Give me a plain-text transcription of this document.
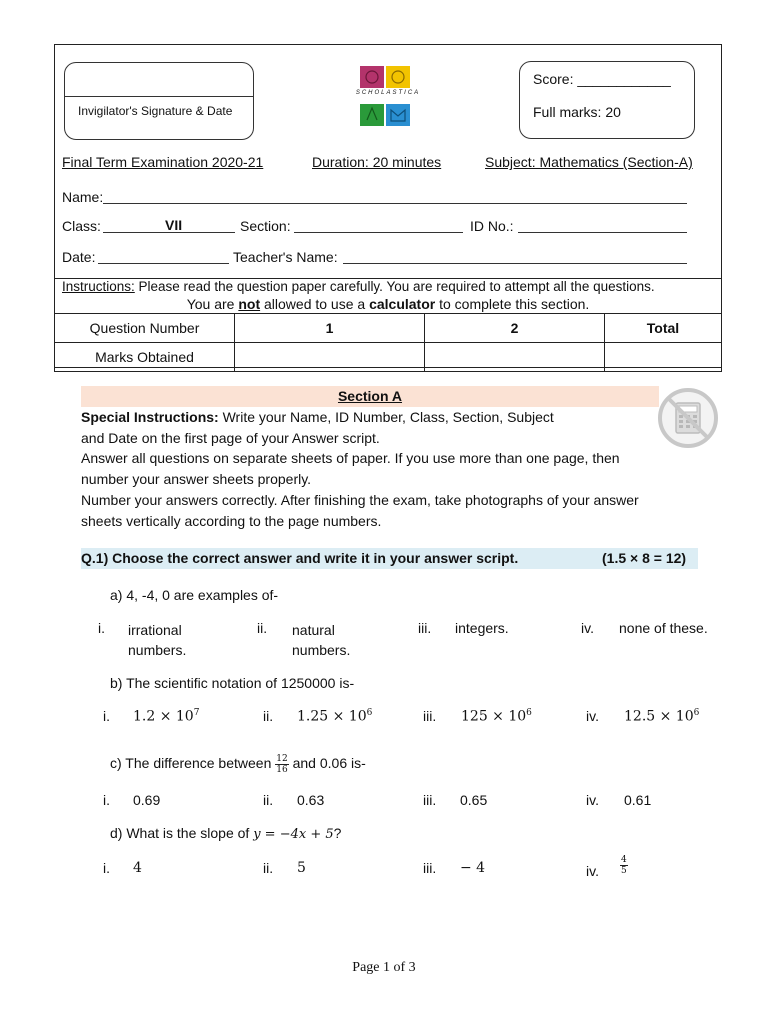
Invigilator's Signature & Date
SCHOLASTICA
Score: ____________
Full marks: 20
Final Term Examination 2020-21	Duration: 20 minutes	Subject: Mathematics (Section-A)
Name:
Class:	VII	Section:	ID No.:
Date:	Teacher's Name:
Instructions: Please read the question paper carefully. You are required to attempt all the questions.
You are not allowed to use a calculator to complete this section.
Question Number	1	2	Total
Marks Obtained			
Section A
Special Instructions: Write your Name, ID Number, Class, Section, Subject
and Date on the first page of your Answer script.
Answer all questions on separate sheets of paper. If you use more than one page, then
number your answer sheets properly.
Number your answers correctly. After finishing the exam, take photographs of your answer
sheets vertically according to the page numbers.
Q.1) Choose the correct answer and write it in your answer script.	(1.5 × 8 = 12)
a) 4, -4, 0 are examples of-
i. irrational
numbers.
ii. natural
numbers.
iii. integers.	iv. none of these.
b) The scientific notation of 1250000 is-
i. $1.2 \times 10^7$	ii. $1.25 \times 10^6$	iii. $125 \times 10^6$	iv. $12.5 \times 10^6$
c) The difference between $\frac{12}{16}$ and 0.06 is-
i. 0.69	ii. 0.63	iii. 0.65	iv. 0.61
d) What is the slope of y = −4x + 5?
i. 4	ii. 5	iii. − 4	iv. $\frac{4}{5}$
Page 1 of 3
